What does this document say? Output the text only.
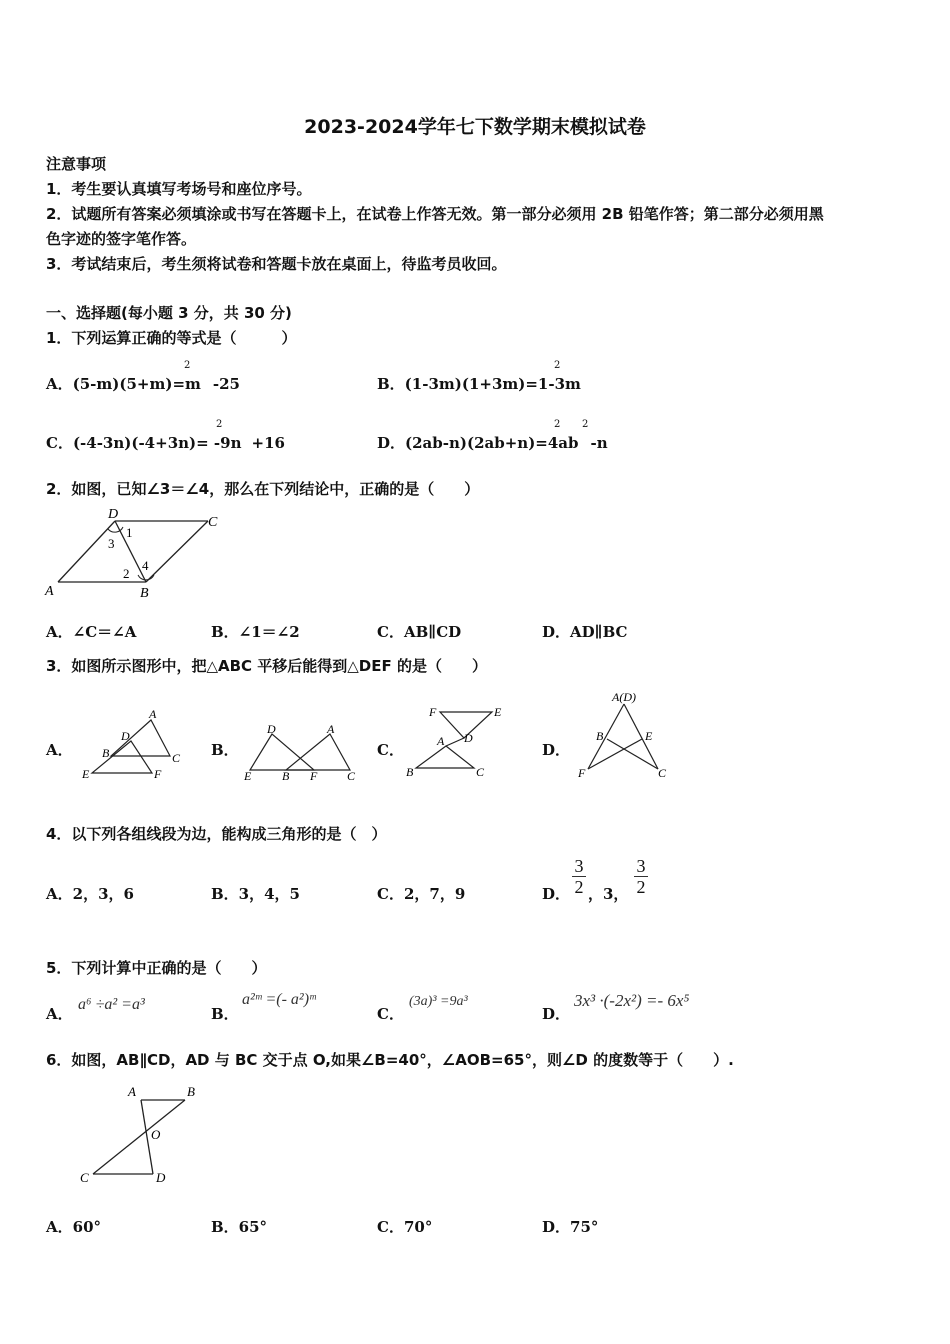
2023-2024学年七下数学期末模拟试卷
注意事项
1．考生要认真填写考场号和座位序号。
2．试题所有答案必须填涂或书写在答题卡上，在试卷上作答无效。第一部分必须用 2B 铅笔作答；第二部分必须用黑
色字迹的签字笔作答。
3．考试结束后，考生须将试卷和答题卡放在桌面上，待监考员收回。
一、选择题(每小题 3 分，共 30 分)
1．下列运算正确的等式是（　　　）
A．(5-m)(5+m)=m -25
2
B．(1-3m)(1+3m)=1-3m
2
C．(-4-3n)(-4+3n)= -9n +16
2
D．(2ab-n)(2ab+n)=4ab -n
2 2
2．如图，已知∠3＝∠4，那么在下列结论中，正确的是（　　）
D
C
A	B
1
3
2
4
A．∠C＝∠A	B．∠1＝∠2	C．AB∥CD	D．AD∥BC
3．如图所示图形中，把△ABC 平移后能得到△DEF 的是（　　）
A．	B．	C．	D．
A
B	C
D
E	F
D	A
E	B F C
F	E
D
A
B	C
A(D)
B	E
F	C
4．以下列各组线段为边，能构成三角形的是（　）
A．2，3，6	B．3，4，5	C．2，7，9	D．
3
2 ，3，
3
2
5．下列计算中正确的是（　　）
A．
a⁶ ÷a² =a³
B．
a²ᵐ =(- a²)ᵐ
C．
(3a)³ =9a³
D．
3x³ ·(-2x²) =- 6x⁵
6．如图，AB∥CD，AD 与 BC 交于点 O,如果∠B=40°，∠AOB=65°，则∠D 的度数等于（　　）.
A	B
O
C	D
A．60°	B．65°	C．70°	D．75°
